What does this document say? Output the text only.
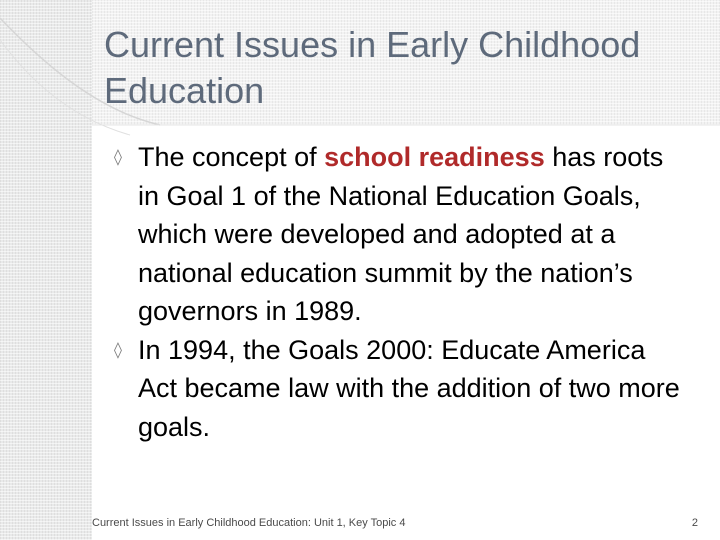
Current Issues in Early Childhood Education
◊ The concept of school readiness has roots in Goal 1 of the National Education Goals, which were developed and adopted at a national education summit by the nation’s governors in 1989.
◊ In 1994, the Goals 2000: Educate America Act became law with the addition of two more goals.
Current Issues in Early Childhood Education: Unit 1, Key Topic 4	2
